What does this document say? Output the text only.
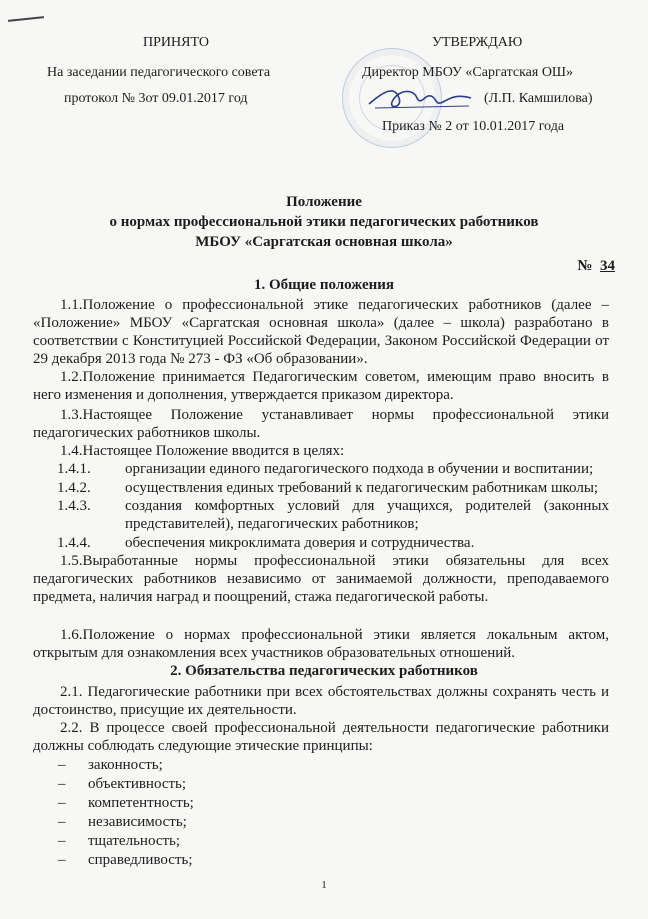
ПРИНЯТО
На заседании педагогического совета
протокол № 3от 09.01.2017 год
УТВЕРЖДАЮ
Директор МБОУ «Саргатская ОШ»
(Л.П. Камшилова)
Приказ № 2 от 10.01.2017 года
Положение
о нормах профессиональной этики педагогических работников
МБОУ «Саргатская основная школа»
№ 34
1. Общие положения
1.1.Положение о профессиональной этике педагогических работников (далее – «Положение» МБОУ «Саргатская основная школа» (далее – школа) разработано в соответствии с Конституцией Российской Федерации, Законом Российской Федерации от 29 декабря 2013 года № 273 - ФЗ «Об образовании».
1.2.Положение принимается Педагогическим советом, имеющим право вносить в него изменения и дополнения, утверждается приказом директора.
1.3.Настоящее Положение устанавливает нормы профессиональной этики педагогических работников школы.
1.4.Настоящее Положение вводится в целях:
1.4.1. организации единого педагогического подхода в обучении и воспитании;
1.4.2. осуществления единых требований к педагогическим работникам школы;
1.4.3. создания комфортных условий для учащихся, родителей (законных представителей), педагогических работников;
1.4.4. обеспечения микроклимата доверия и сотрудничества.
1.5.Выработанные нормы профессиональной этики обязательны для всех педагогических работников независимо от занимаемой должности, преподаваемого предмета, наличия наград и поощрений, стажа педагогической работы.
1.6.Положение о нормах профессиональной этики является локальным актом, открытым для ознакомления всех участников образовательных отношений.
2. Обязательства педагогических работников
2.1. Педагогические работники при всех обстоятельствах должны сохранять честь и достоинство, присущие их деятельности.
2.2. В процессе своей профессиональной деятельности педагогические работники должны соблюдать следующие этические принципы:
– законность;
– объективность;
– компетентность;
– независимость;
– тщательность;
– справедливость;
1
